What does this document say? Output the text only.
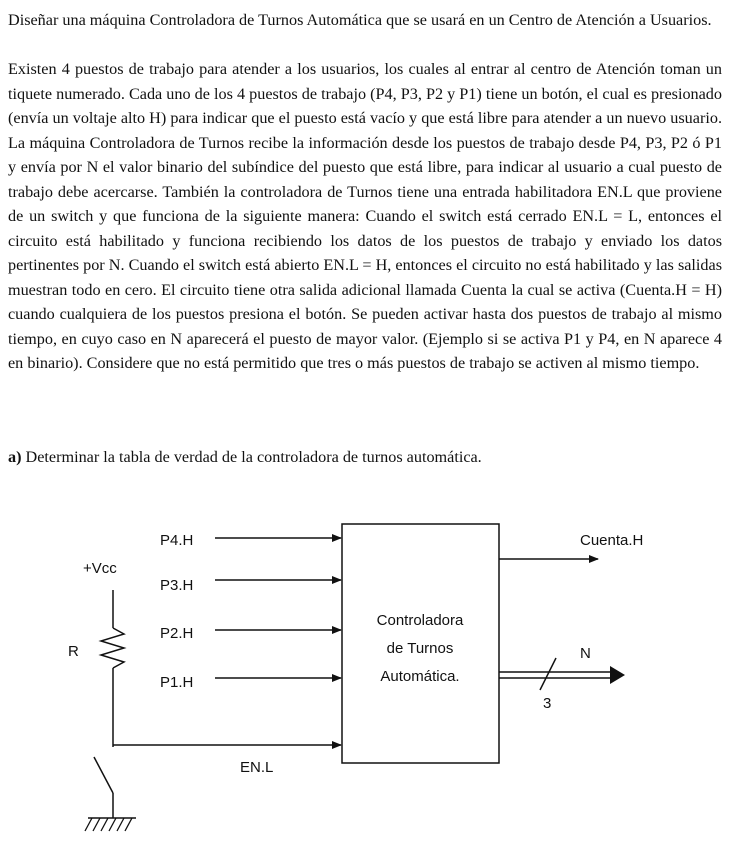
Diseñar una máquina Controladora de Turnos Automática que se usará en un Centro de Atención a Usuarios.

Existen 4 puestos de trabajo para atender a los usuarios, los cuales al entrar al centro de Atención toman un tiquete numerado. Cada uno de los 4 puestos de trabajo (P4, P3, P2 y P1) tiene un botón, el cual es presionado (envía un voltaje alto H) para indicar que el puesto está vacío y que está libre para atender a un nuevo usuario. La máquina Controladora de Turnos recibe la información desde los puestos de trabajo desde P4, P3, P2 ó P1 y envía por N el valor binario del subíndice del puesto que está libre, para indicar al usuario a cual puesto de trabajo debe acercarse. También la controladora de Turnos tiene una entrada habilitadora EN.L que proviene de un switch y que funciona de la siguiente manera: Cuando el switch está cerrado EN.L = L, entonces el circuito está habilitado y funciona recibiendo los datos de los puestos de trabajo y enviado los datos pertinentes por N. Cuando el switch está abierto EN.L = H, entonces el circuito no está habilitado y las salidas muestran todo en cero. El circuito tiene otra salida adicional llamada Cuenta la cual se activa (Cuenta.H = H) cuando cualquiera de los puestos presiona el botón. Se pueden activar hasta dos puestos de trabajo al mismo tiempo, en cuyo caso en N aparecerá el puesto de mayor valor. (Ejemplo si se activa P1 y P4, en N aparece 4 en binario). Considere que no está permitido que tres o más puestos de trabajo se activen al mismo tiempo.

a) Determinar la tabla de verdad de la controladora de turnos automática.

Controladora
de Turnos
Automática.
P4.H
P3.H
P2.H
P1.H
Cuenta.H
N
3
+Vcc
R
EN.L
